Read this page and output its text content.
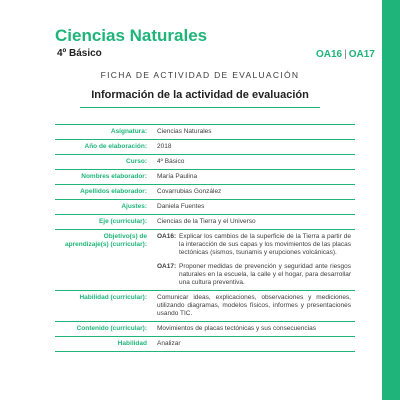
Ciencias Naturales
4º Básico	OA16 | OA17
FICHA DE ACTIVIDAD DE EVALUACIÓN
Información de la actividad de evaluación
Asignatura:	Ciencias Naturales
Año de elaboración:	2018
Curso:	4º Básico
Nombres elaborador:	María Paulina
Apellidos elaborador:	Covarrubias González
Ajustes:	Daniela Fuentes
Eje (curricular):	Ciencias de la Tierra y el Universo
Objetivo(s) de aprendizaje(s) (curricular):	OA16: Explicar los cambios de la superficie de la Tierra a partir de la interacción de sus capas y los movimientos de las placas tectónicas (sismos, tsunamis y erupciones volcánicas).
OA17: Proponer medidas de prevención y seguridad ante riesgos naturales en la escuela, la calle y el hogar, para desarrollar una cultura preventiva.

Habilidad (curricular):	Comunicar ideas, explicaciones, observaciones y mediciones, utilizando diagramas, modelos físicos, informes y presentaciones usando TIC.

Contenido (curricular):	Movimientos de placas tectónicas y sus consecuencias
Habilidad	Analizar
